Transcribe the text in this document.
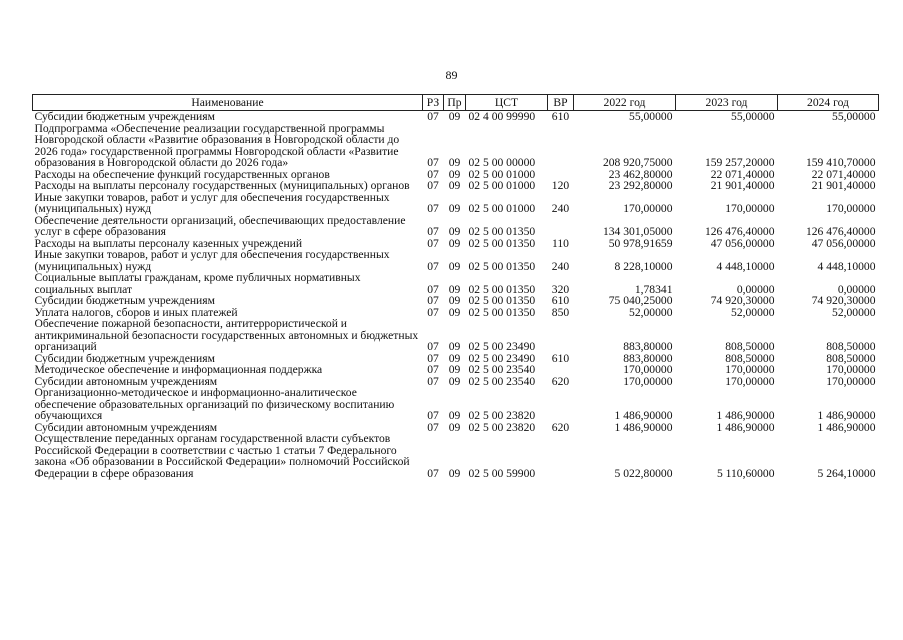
89
Наименование	РЗ	Пр	ЦСТ	ВР	2022 год	2023 год	2024 год
Субсидии бюджетным учреждениям	07	09	02 4 00 99990	610	55,00000	55,00000	55,00000
Подпрограмма «Обеспечение реализации государственной программы Новгородской области «Развитие образования в Новгородской области до 2026 года» государственной программы Новгородской области «Развитие образования в Новгородской области до 2026 года»	07	09	02 5 00 00000		208 920,75000	159 257,20000	159 410,70000
Расходы на обеспечение функций государственных органов	07	09	02 5 00 01000		23 462,80000	22 071,40000	22 071,40000
Расходы на выплаты персоналу государственных (муниципальных) органов	07	09	02 5 00 01000	120	23 292,80000	21 901,40000	21 901,40000
Иные закупки товаров, работ и услуг для обеспечения государственных (муниципальных) нужд	07	09	02 5 00 01000	240	170,00000	170,00000	170,00000
Обеспечение деятельности организаций, обеспечивающих предоставление услуг в сфере образования	07	09	02 5 00 01350		134 301,05000	126 476,40000	126 476,40000
Расходы на выплаты персоналу казенных учреждений	07	09	02 5 00 01350	110	50 978,91659	47 056,00000	47 056,00000
Иные закупки товаров, работ и услуг для обеспечения государственных (муниципальных) нужд	07	09	02 5 00 01350	240	8 228,10000	4 448,10000	4 448,10000
Социальные выплаты гражданам, кроме публичных нормативных социальных выплат	07	09	02 5 00 01350	320	1,78341	0,00000	0,00000
Субсидии бюджетным учреждениям	07	09	02 5 00 01350	610	75 040,25000	74 920,30000	74 920,30000
Уплата налогов, сборов и иных платежей	07	09	02 5 00 01350	850	52,00000	52,00000	52,00000
Обеспечение пожарной безопасности, антитеррористической и антикриминальной безопасности государственных автономных и бюджетных организаций	07	09	02 5 00 23490		883,80000	808,50000	808,50000
Субсидии бюджетным учреждениям	07	09	02 5 00 23490	610	883,80000	808,50000	808,50000
Методическое обеспечение и информационная поддержка	07	09	02 5 00 23540		170,00000	170,00000	170,00000
Субсидии автономным учреждениям	07	09	02 5 00 23540	620	170,00000	170,00000	170,00000
Организационно-методическое и информационно-аналитическое обеспечение образовательных организаций по физическому воспитанию обучающихся	07	09	02 5 00 23820		1 486,90000	1 486,90000	1 486,90000
Субсидии автономным учреждениям	07	09	02 5 00 23820	620	1 486,90000	1 486,90000	1 486,90000
Осуществление переданных органам государственной власти субъектов Российской Федерации в соответствии с частью 1 статьи 7 Федерального закона «Об образовании в Российской Федерации» полномочий Российской Федерации в сфере образования	07	09	02 5 00 59900		5 022,80000	5 110,60000	5 264,10000
